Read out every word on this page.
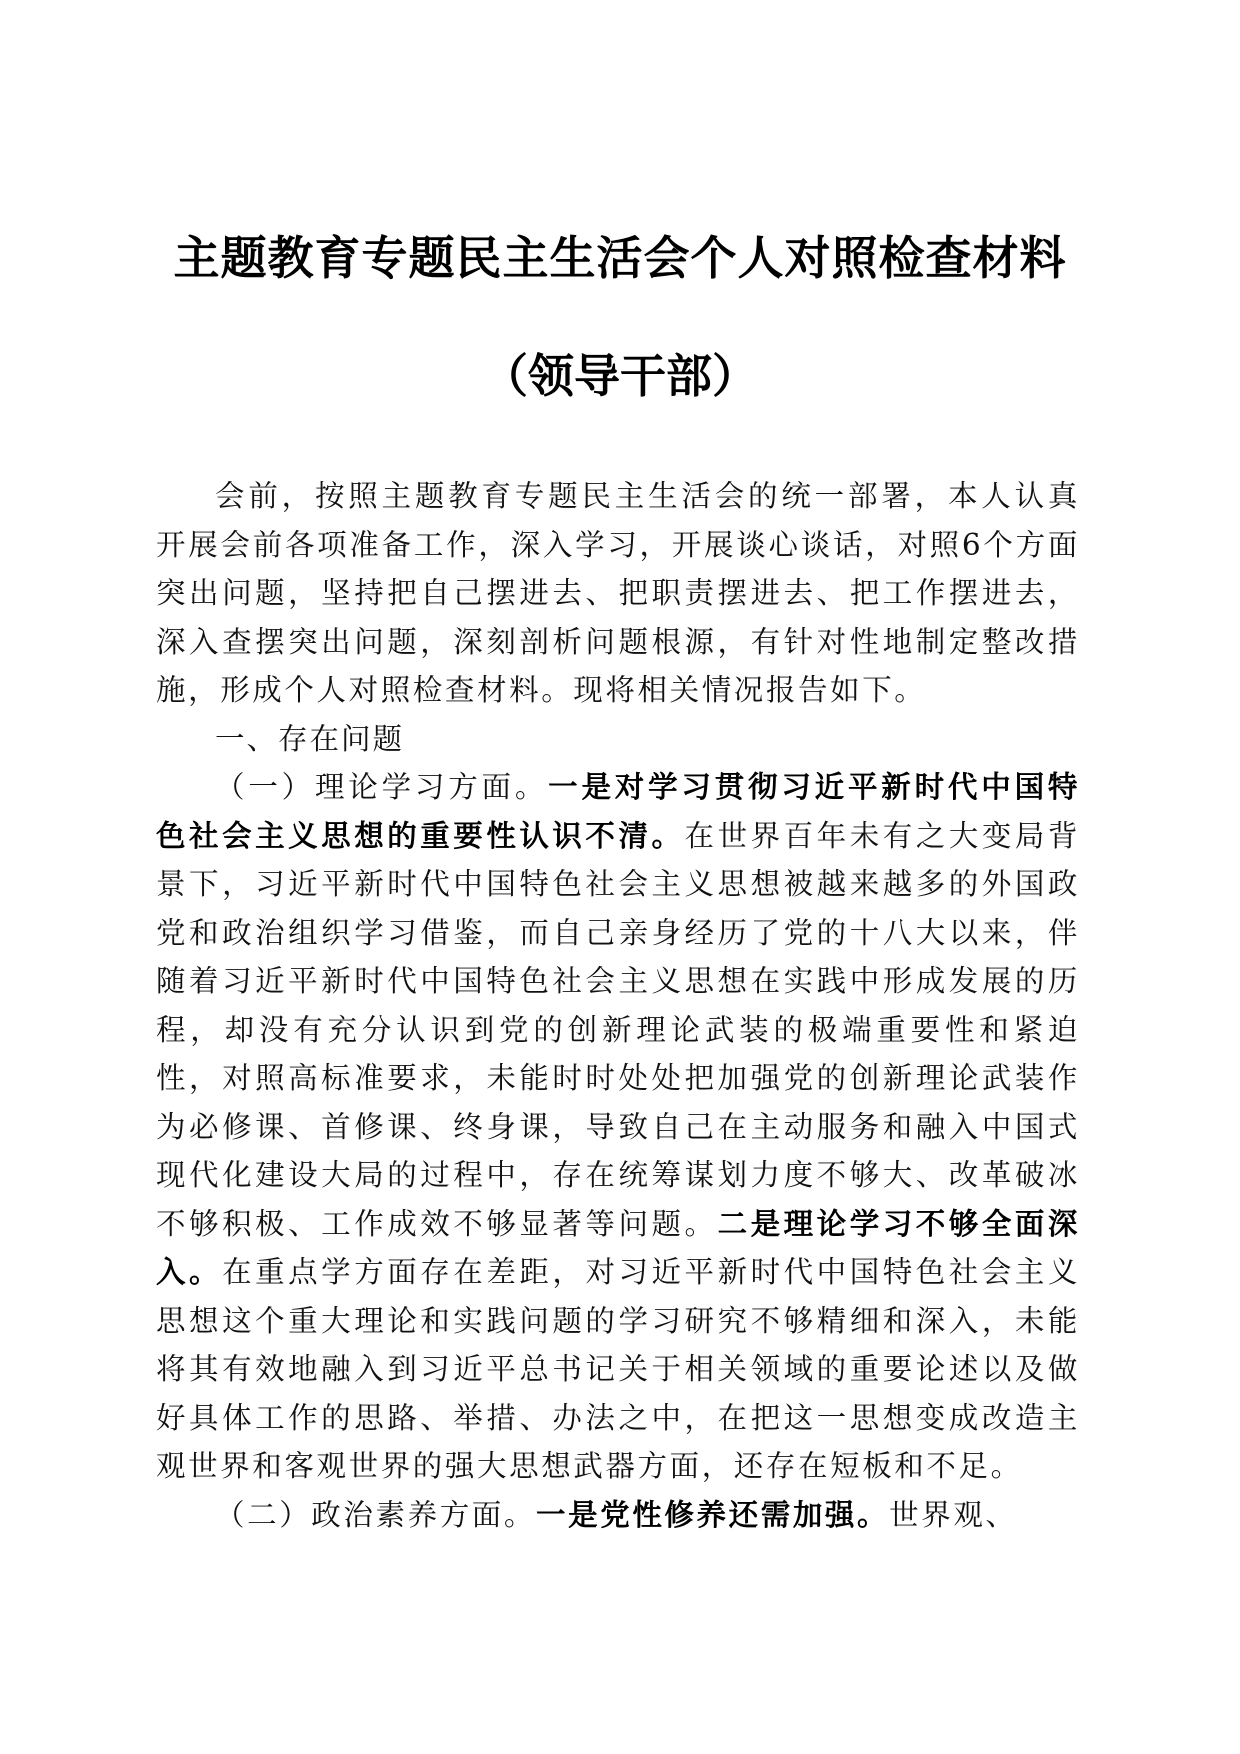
主题教育专题民主生活会个人对照检查材料
（领导干部）

会前，按照主题教育专题民主生活会的统一部署，本人认真开展会前各项准备工作，深入学习，开展谈心谈话，对照6个方面突出问题，坚持把自己摆进去、把职责摆进去、把工作摆进去，深入查摆突出问题，深刻剖析问题根源，有针对性地制定整改措施，形成个人对照检查材料。现将相关情况报告如下。

一、存在问题

（一）理论学习方面。一是对学习贯彻习近平新时代中国特色社会主义思想的重要性认识不清。在世界百年未有之大变局背景下，习近平新时代中国特色社会主义思想被越来越多的外国政党和政治组织学习借鉴，而自己亲身经历了党的十八大以来，伴随着习近平新时代中国特色社会主义思想在实践中形成发展的历程，却没有充分认识到党的创新理论武装的极端重要性和紧迫性，对照高标准要求，未能时时处处把加强党的创新理论武装作为必修课、首修课、终身课，导致自己在主动服务和融入中国式现代化建设大局的过程中，存在统筹谋划力度不够大、改革破冰不够积极、工作成效不够显著等问题。二是理论学习不够全面深入。在重点学方面存在差距，对习近平新时代中国特色社会主义思想这个重大理论和实践问题的学习研究不够精细和深入，未能将其有效地融入到习近平总书记关于相关领域的重要论述以及做好具体工作的思路、举措、办法之中，在把这一思想变成改造主观世界和客观世界的强大思想武器方面，还存在短板和不足。

（二）政治素养方面。一是党性修养还需加强。世界观、
